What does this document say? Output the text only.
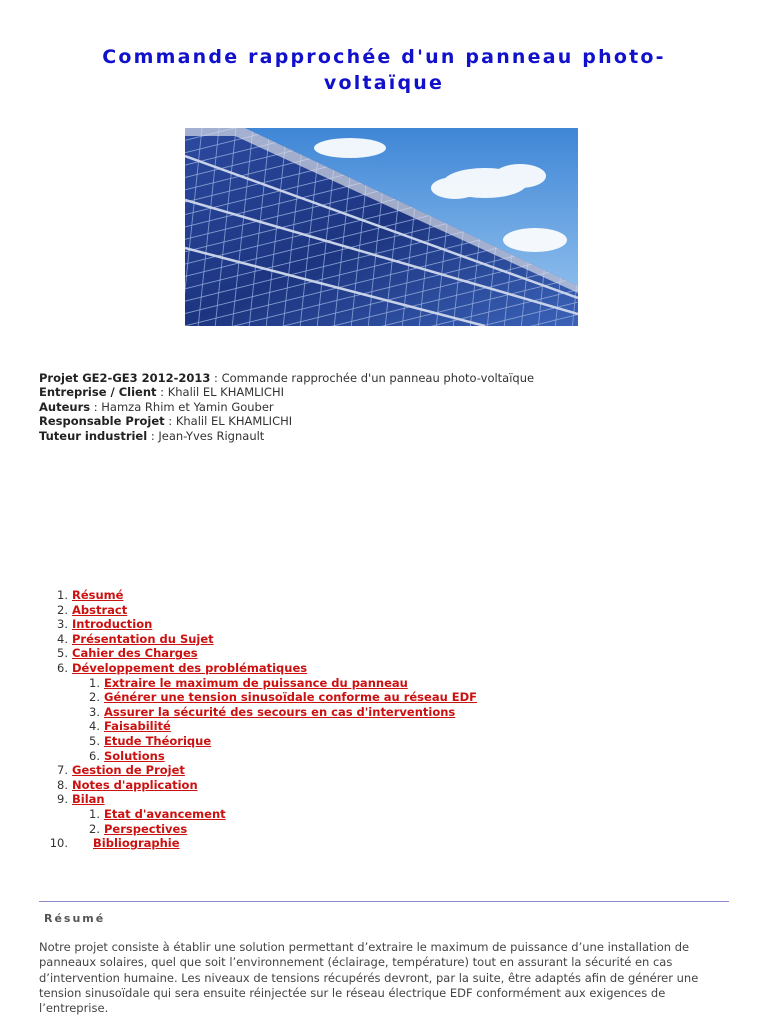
Commande rapprochée d'un panneau photo-voltaïque
Projet GE2-GE3 2012-2013 : Commande rapprochée d'un panneau photo-voltaïque
Entreprise / Client : Khalil EL KHAMLICHI
Auteurs : Hamza Rhim et Yamin Gouber
Responsable Projet : Khalil EL KHAMLICHI
Tuteur industriel : Jean-Yves Rignault
1. Résumé
2. Abstract
3. Introduction
4. Présentation du Sujet
5. Cahier des Charges
6. Développement des problématiques
1. Extraire le maximum de puissance du panneau
2. Générer une tension sinusoïdale conforme au réseau EDF
3. Assurer la sécurité des secours en cas d'interventions
4. Faisabilité
5. Etude Théorique
6. Solutions
7. Gestion de Projet
8. Notes d'application
9. Bilan
1. Etat d'avancement
2. Perspectives
10. Bibliographie
Résumé

Notre projet consiste à établir une solution permettant d’extraire le maximum de puissance d’une installation de panneaux solaires, quel que soit l’environnement (éclairage, température) tout en assurant la sécurité en cas d’intervention humaine. Les niveaux de tensions récupérés devront, par la suite, être adaptés afin de générer une tension sinusoïdale qui sera ensuite réinjectée sur le réseau électrique EDF conformément aux exigences de l’entreprise.
